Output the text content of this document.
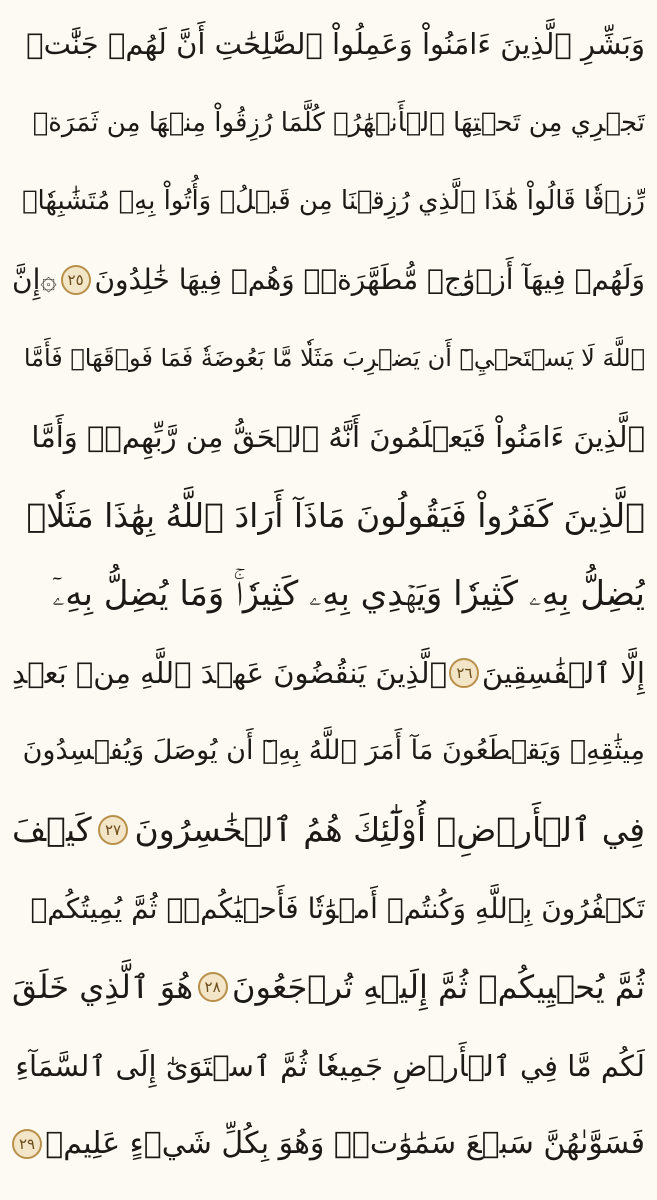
وَبَشِّرِ ٱلَّذِينَ ءَامَنُواْ وَعَمِلُواْ ٱلصَّٰلِحَٰتِ أَنَّ لَهُمۡ جَنَّٰتٖ
تَجۡرِي مِن تَحۡتِهَا ٱلۡأَنۡهَٰرُۖ كُلَّمَا رُزِقُواْ مِنۡهَا مِن ثَمَرَةٖ
رِّزۡقٗا قَالُواْ هَٰذَا ٱلَّذِي رُزِقۡنَا مِن قَبۡلُۖ وَأُتُواْ بِهِۦ مُتَشَٰبِهٗاۖ
وَلَهُمۡ فِيهَآ أَزۡوَٰجٞ مُّطَهَّرَةٞۖ وَهُمۡ فِيهَا خَٰلِدُونَ
٢٥
۞إِنَّ
ٱللَّهَ لَا يَسۡتَحۡيِۦٓ أَن يَضۡرِبَ مَثَلٗا مَّا بَعُوضَةٗ فَمَا فَوۡقَهَاۚ فَأَمَّا
ٱلَّذِينَ ءَامَنُواْ فَيَعۡلَمُونَ أَنَّهُ ٱلۡحَقُّ مِن رَّبِّهِمۡۖ وَأَمَّا
ٱلَّذِينَ كَفَرُواْ فَيَقُولُونَ مَاذَآ أَرَادَ ٱللَّهُ بِهَٰذَا مَثَلٗاۘ
يُضِلُّ بِهِۦ كَثِيرٗا وَيَهۡدِي بِهِۦ كَثِيرٗاۚ وَمَا يُضِلُّ بِهِۦٓ
إِلَّا ٱلۡفَٰسِقِينَ
٢٦
ٱلَّذِينَ يَنقُضُونَ عَهۡدَ ٱللَّهِ مِنۢ بَعۡدِ
مِيثَٰقِهِۦ وَيَقۡطَعُونَ مَآ أَمَرَ ٱللَّهُ بِهِۦٓ أَن يُوصَلَ وَيُفۡسِدُونَ
فِي ٱلۡأَرۡضِۚ أُوْلَٰٓئِكَ هُمُ ٱلۡخَٰسِرُونَ
٢٧
كَيۡفَ
تَكۡفُرُونَ بِٱللَّهِ وَكُنتُمۡ أَمۡوَٰتٗا فَأَحۡيَٰكُمۡۖ ثُمَّ يُمِيتُكُمۡ
ثُمَّ يُحۡيِيكُمۡ ثُمَّ إِلَيۡهِ تُرۡجَعُونَ
٢٨
هُوَ ٱلَّذِي خَلَقَ
لَكُم مَّا فِي ٱلۡأَرۡضِ جَمِيعٗا ثُمَّ ٱسۡتَوَىٰٓ إِلَى ٱلسَّمَآءِ
فَسَوَّىٰهُنَّ سَبۡعَ سَمَٰوَٰتٖۚ وَهُوَ بِكُلِّ شَيۡءٍ عَلِيمٞ
٢٩
